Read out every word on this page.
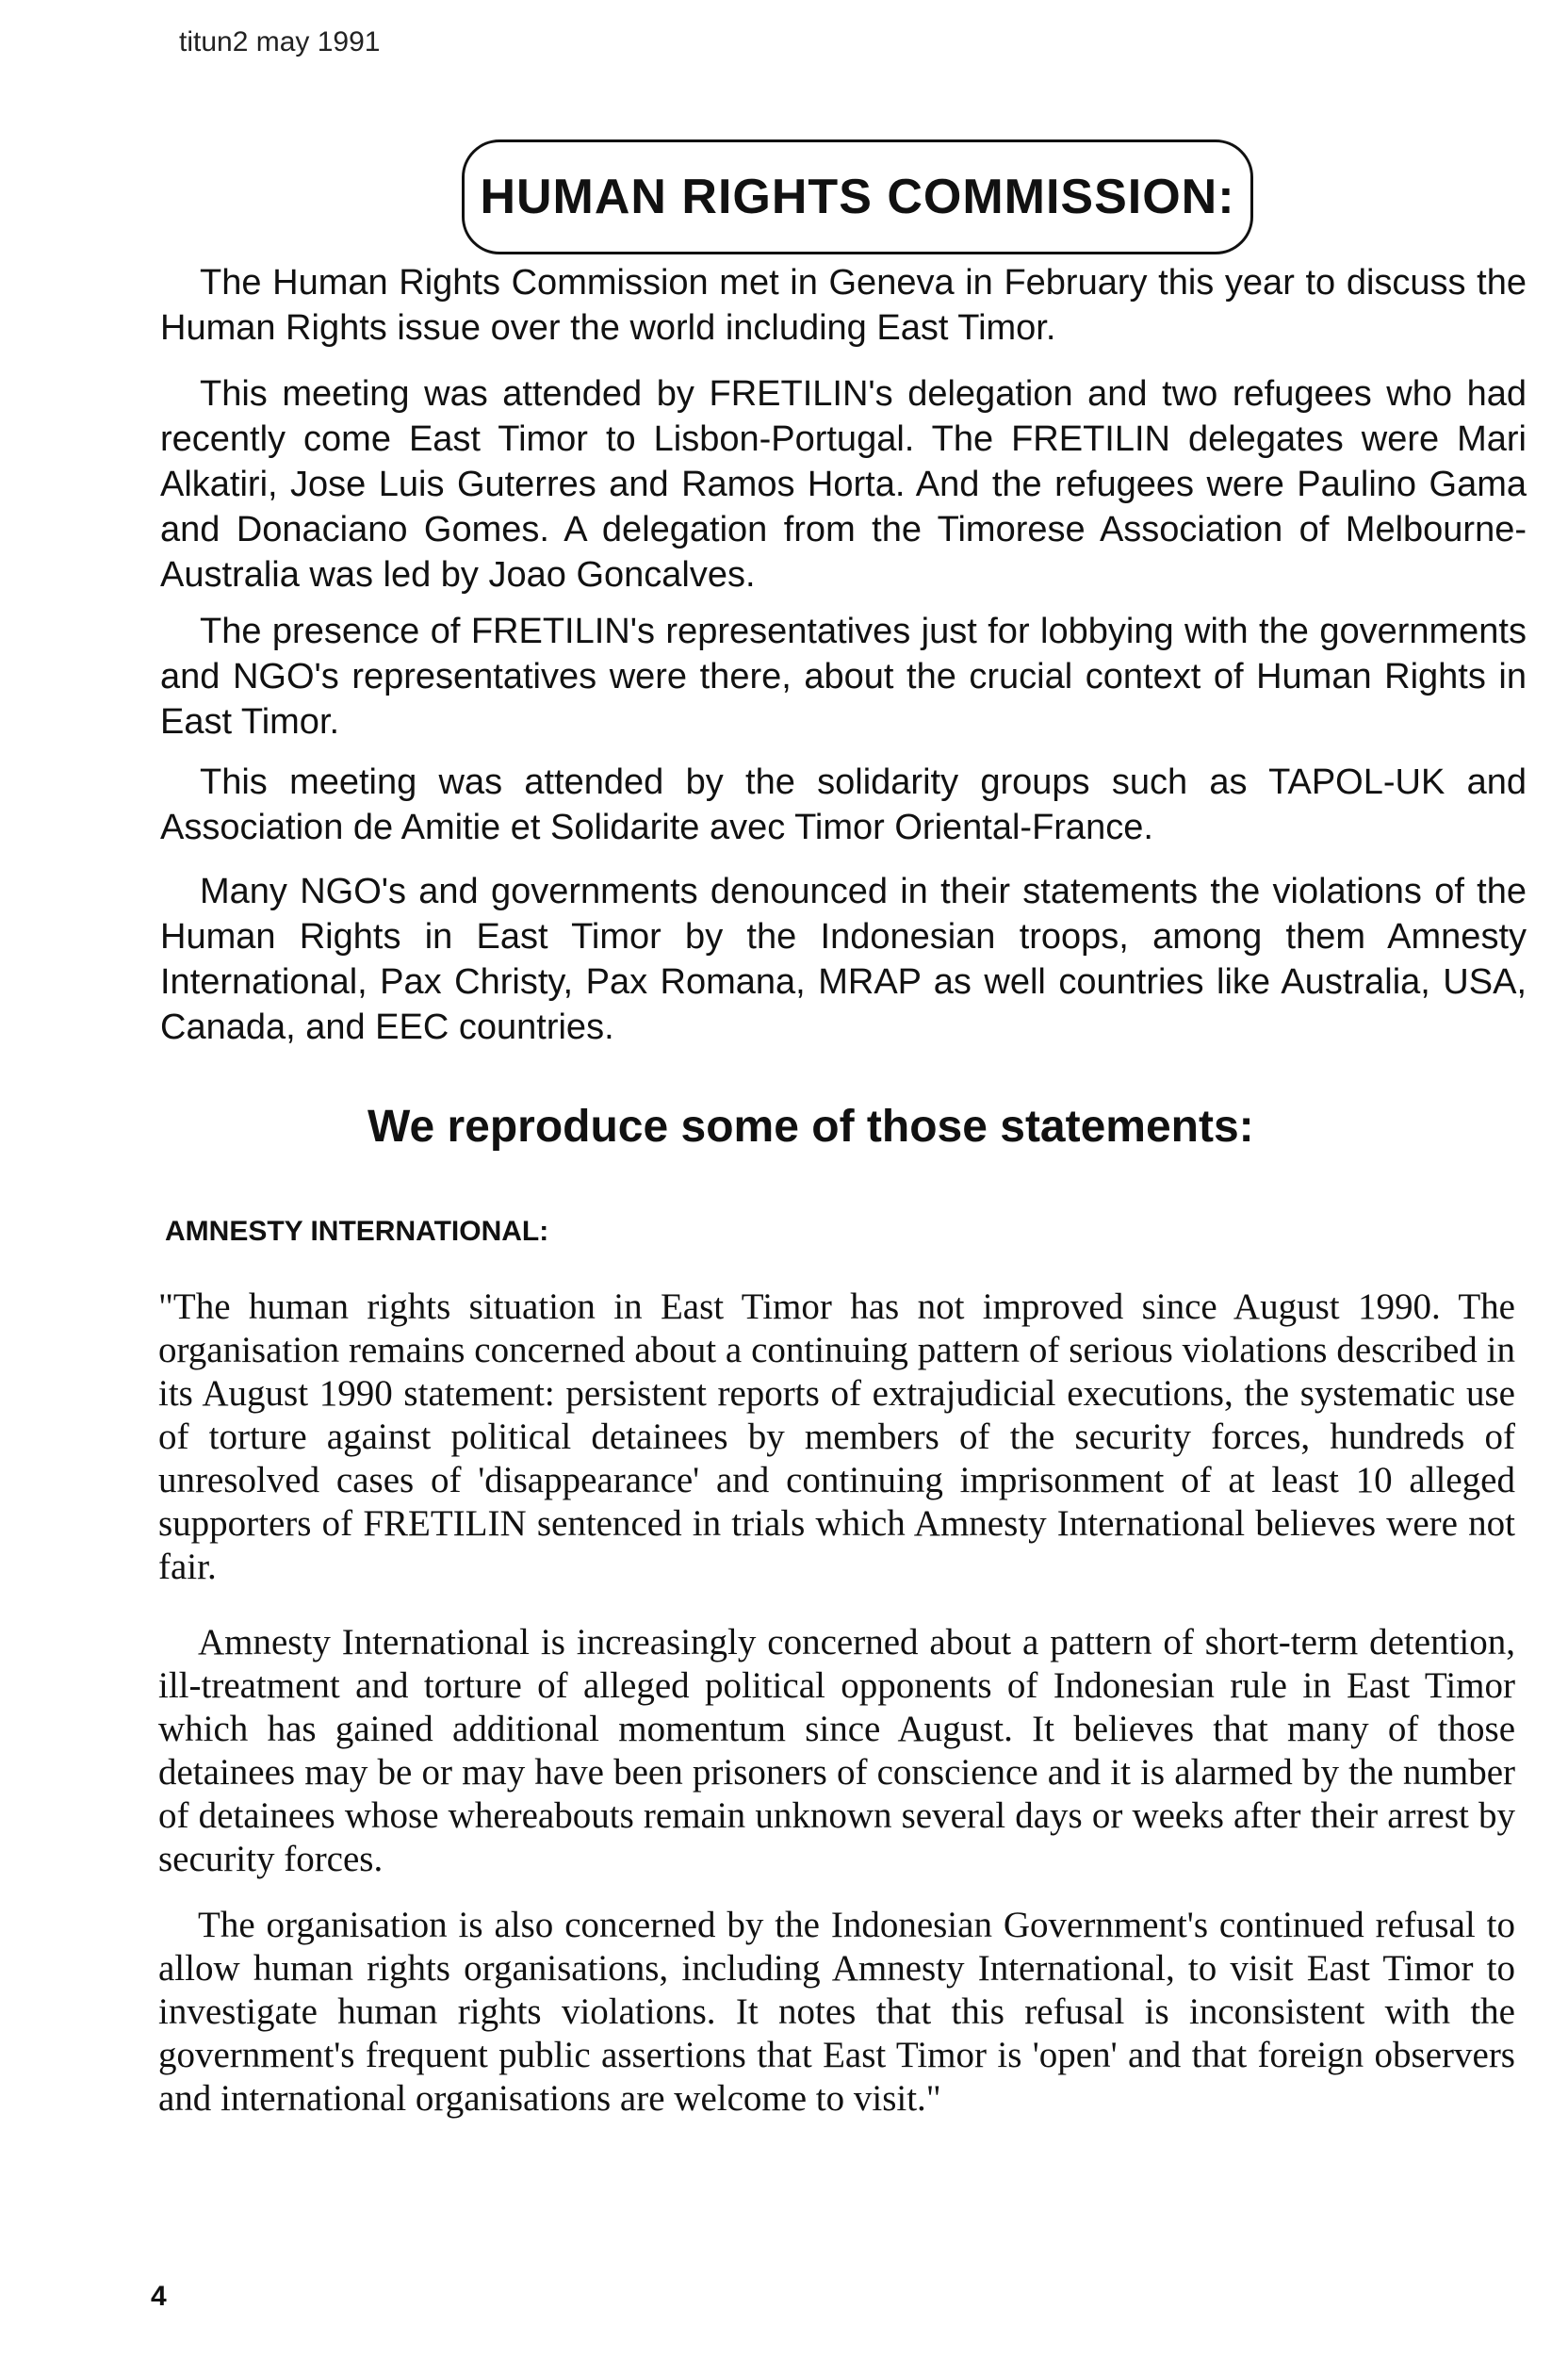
titun2 may 1991
HUMAN RIGHTS COMMISSION:

The Human Rights Commission met in Geneva in February this year to discuss the Human Rights issue over the world including East Timor.

This meeting was attended by FRETILIN's delegation and two refugees who had recently come East Timor to Lisbon-Portugal. The FRETILIN delegates were Mari Alkatiri, Jose Luis Guterres and Ramos Horta. And the refugees were Paulino Gama and Donaciano Gomes. A delegation from the Timorese Association of Melbourne-Australia was led by Joao Goncalves.

The presence of FRETILIN's representatives just for lobbying with the governments and NGO's representatives were there, about the crucial context of Human Rights in East Timor.

This meeting was attended by the solidarity groups such as TAPOL-UK and Association de Amitie et Solidarite avec Timor Oriental-France.

Many NGO's and governments denounced in their statements the violations of the Human Rights in East Timor by the Indonesian troops, among them Amnesty International, Pax Christy, Pax Romana, MRAP as well countries like Australia, USA, Canada, and EEC countries.

We reproduce some of those statements:
AMNESTY INTERNATIONAL:

"The human rights situation in East Timor has not improved since August 1990. The organisation remains concerned about a continuing pattern of serious violations described in its August 1990 statement: persistent reports of extrajudicial executions, the systematic use of torture against political detainees by members of the security forces, hundreds of unresolved cases of 'disappearance' and continuing imprisonment of at least 10 alleged supporters of FRETILIN sentenced in trials which Amnesty International believes were not fair.

Amnesty International is increasingly concerned about a pattern of short-term detention, ill-treatment and torture of alleged political opponents of Indonesian rule in East Timor which has gained additional momentum since August. It believes that many of those detainees may be or may have been prisoners of conscience and it is alarmed by the number of detainees whose whereabouts remain unknown several days or weeks after their arrest by security forces.

The organisation is also concerned by the Indonesian Government's continued refusal to allow human rights organisations, including Amnesty International, to visit East Timor to investigate human rights violations. It notes that this refusal is inconsistent with the government's frequent public assertions that East Timor is 'open' and that foreign observers and international organisations are welcome to visit."

4
